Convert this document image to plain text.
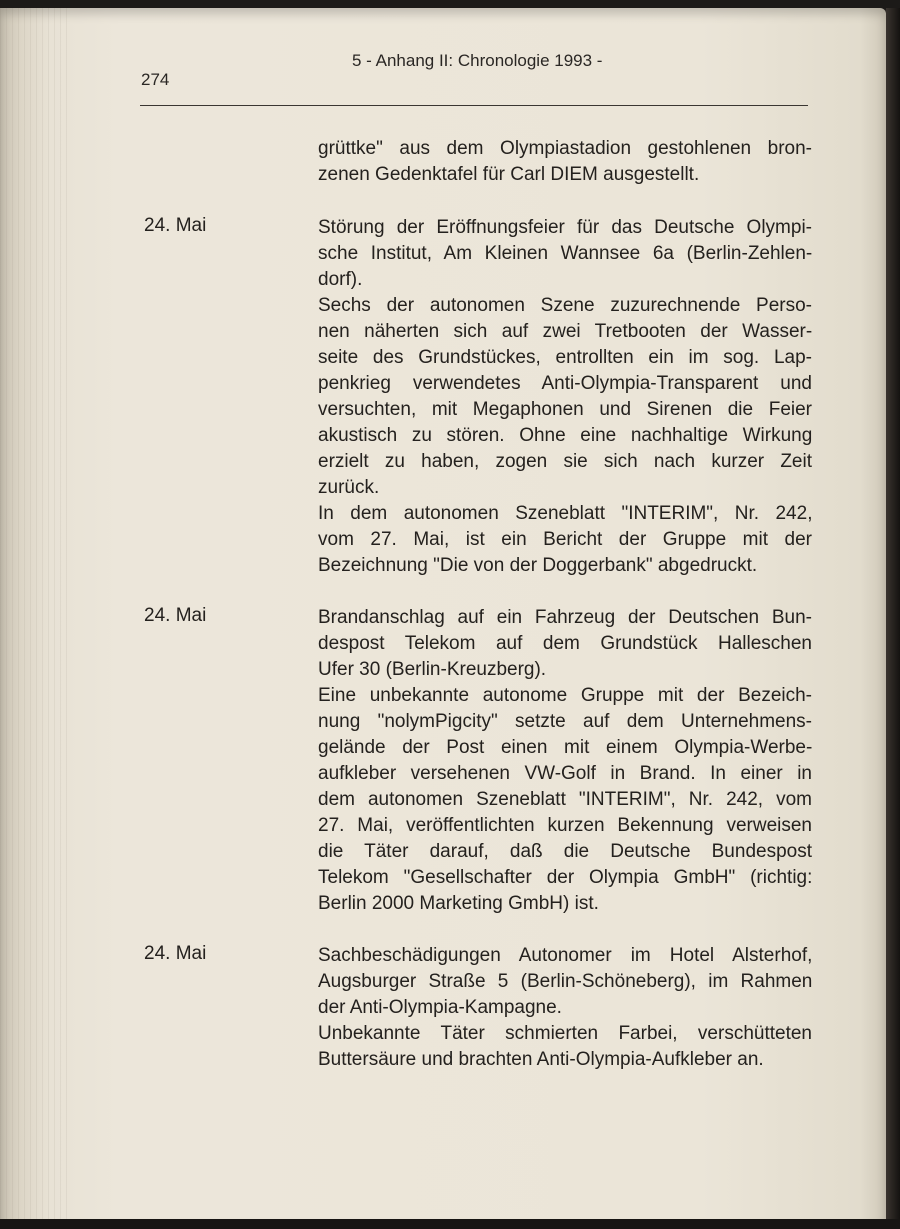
274
5 - Anhang II: Chronologie 1993 -
grüttke" aus dem Olympiastadion gestohlenen bron-
zenen Gedenktafel für Carl DIEM ausgestellt.
24. Mai	Störung der Eröffnungsfeier für das Deutsche Olympi-
sche Institut, Am Kleinen Wannsee 6a (Berlin-Zehlen-
dorf).
Sechs der autonomen Szene zuzurechnende Perso-
nen näherten sich auf zwei Tretbooten der Wasser-
seite des Grundstückes, entrollten ein im sog. Lap-
penkrieg verwendetes Anti-Olympia-Transparent und
versuchten, mit Megaphonen und Sirenen die Feier
akustisch zu stören. Ohne eine nachhaltige Wirkung
erzielt zu haben, zogen sie sich nach kurzer Zeit
zurück.
In dem autonomen Szeneblatt "INTERIM", Nr. 242,
vom 27. Mai, ist ein Bericht der Gruppe mit der
Bezeichnung "Die von der Doggerbank" abgedruckt.
24. Mai	Brandanschlag auf ein Fahrzeug der Deutschen Bun-
despost Telekom auf dem Grundstück Halleschen
Ufer 30 (Berlin-Kreuzberg).
Eine unbekannte autonome Gruppe mit der Bezeich-
nung "nolymPigcity" setzte auf dem Unternehmens-
gelände der Post einen mit einem Olympia-Werbe-
aufkleber versehenen VW-Golf in Brand. In einer in
dem autonomen Szeneblatt "INTERIM", Nr. 242, vom
27. Mai, veröffentlichten kurzen Bekennung verweisen
die Täter darauf, daß die Deutsche Bundespost
Telekom "Gesellschafter der Olympia GmbH" (richtig:
Berlin 2000 Marketing GmbH) ist.
24. Mai	Sachbeschädigungen Autonomer im Hotel Alsterhof,
Augsburger Straße 5 (Berlin-Schöneberg), im Rahmen
der Anti-Olympia-Kampagne.
Unbekannte Täter schmierten Farbei, verschütteten
Buttersäure und brachten Anti-Olympia-Aufkleber an.
